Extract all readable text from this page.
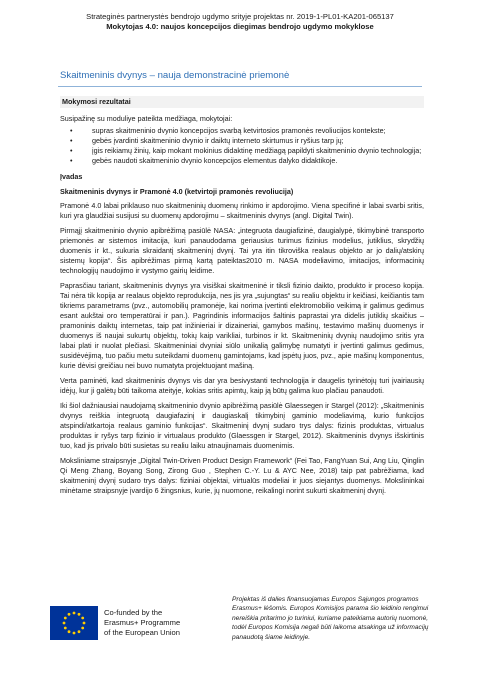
Strateginės partnerystės bendrojo ugdymo srityje projektas nr. 2019-1-PL01-KA201-065137
Mokytojas 4.0: naujos koncepcijos diegimas bendrojo ugdymo mokyklose
Skaitmeninis dvynys – nauja demonstracinė priemonė

Mokymosi rezultatai

Susipažinę su moduliye pateikta medžiaga, mokytojai:

•	supras skaitmeninio dvynio koncepcijos svarbą ketvirtosios pramonės revoliucijos kontekste;
•	gebės įvardinti skaitmeninio dvynio ir daiktų interneto skirtumus ir ryšius tarp jų;
•	įgis reikiamų žinių, kaip mokant mokinius didaktinę medžiagą papildyti skaitmeninio dvynio technologija;
•	gebės naudoti skaitmeninio dvynio koncepcijos elementus dalyko didaktikoje.

Įvadas

Skaitmeninis dvynys ir Pramonė 4.0 (ketvirtoji pramonės revoliucija)

Pramonė 4.0 labai priklauso nuo skaitmeninių duomenų rinkimo ir apdorojimo. Viena specifinė ir labai svarbi sritis, kuri yra glaudžiai susijusi su duomenų apdorojimu – skaitmeninis dvynys (angl. Digital Twin).

Pirmąjį skaitmeninio dvynio apibrėžimą pasiūlė NASA: „integruota daugiafizinė, daugialypė, tikimybinė transporto priemonės ar sistemos imitacija, kuri panaudodama geriausius turimus fizinius modelius, jutiklius, skrydžių duomenis ir kt., sukuria skraidantį skaitmeninį dvynį. Tai yra itin tikroviška realaus objekto ar jo dalių/atskirų sistemų kopija“. Šis apibrėžimas pirmą kartą pateiktas2010 m. NASA modeliavimo, imitacijos, informacinių technologijų naudojimo ir vystymo gairių leidime.

Paprasčiau tariant, skaitmeninis dvynys yra visiškai skaitmeninė ir tiksli fizinio daikto, produkto ir proceso kopija. Tai nėra tik kopija ar realaus objekto reprodukcija, nes jis yra „sujungtas“ su realiu objektu ir keičiasi, keičiantis tam tikriems parametrams (pvz., automobilių pramonėje, kai norima įvertinti elektromobilio veikimą ir galimus gedimus esant aukštai oro temperatūrai ir pan.). Pagrindinis informacijos šaltinis paprastai yra didelis jutiklių skaičius – pramoninis daiktų internetas, taip pat inžinieriai ir dizaineriai, gamybos mašinų, testavimo mašinų duomenys ir duomenys iš naujai sukurtų objektų, tokių kaip varikliai, turbinos ir kt. Skaitmeninių dvynių naudojimo sritis yra labai plati ir nuolat plečiasi. Skaitmeniniai dvyniai siūlo unikalią galimybę numatyti ir įvertinti galimus gedimus, susidėvėjimą, tuo pačiu metu suteikdami duomenų gamintojams, kad įspėtų juos, pvz., apie mašinų komponentus, kurie dėvisi greičiau nei buvo numatyta projektuojant mašiną.

Verta paminėti, kad skaitmeninis dvynys vis dar yra besivystanti technologija ir daugelis tyrinėtojų turi įvairiausių idėjų, kur ji galėtų būti taikoma ateityje, kokias sritis apimtų, kaip ją būtų galima kuo plačiau panaudoti.

Iki šiol dažniausiai naudojamą skaitmeninio dvynio apibrėžimą pasiūlė Glaessegen ir Stargel (2012): „Skaitmeninis dvynys reiškia integruotą daugiafazinį ir daugiaskalį tikimybinį gaminio modeliavimą, kurio funkcijos atspindi/atkartoja realaus gaminio funkcijas“. Skaitmeninį dvynį sudaro trys dalys: fizinis produktas, virtualus produktas ir ryšys tarp fizinio ir virtualaus produkto (Glaessgen ir Stargel, 2012). Skaitmeninis dvynys išskirtinis tuo, kad jis privalo būti susietas su realiu laiku atnaujinamais duomenimis.

Moksliniame straipsnyje „Digital Twin-Driven Product Design Framework“ (Fei Tao, FangYuan Sui, Ang Liu, Qinglin Qi Meng Zhang, Boyang Song, Zirong Guo , Stephen C.-Y. Lu & AYC Nee, 2018) taip pat pabrėžiama, kad skaitmeninį dvynį sudaro trys dalys: fiziniai objektai, virtualūs modeliai ir juos siejantys duomenys. Mokslininkai minėtame straipsnyje įvardijo 6 žingsnius, kurie, jų nuomone, reikalingi norint sukurti skaitmeninį dvynį.

Co-funded by the
Erasmus+ Programme
of the European Union
Projektas iš dalies finansuojamas Europos Sąjungos programos Erasmus+ lėšomis. Europos Komisijos parama šio leidinio rengimui nereiškia pritarimo jo turiniui, kuriame pateikiama autorių nuomonė, todėl Europos Komisija negali būti laikoma atsakinga už informacijų panaudotą šiame leidinyje.
